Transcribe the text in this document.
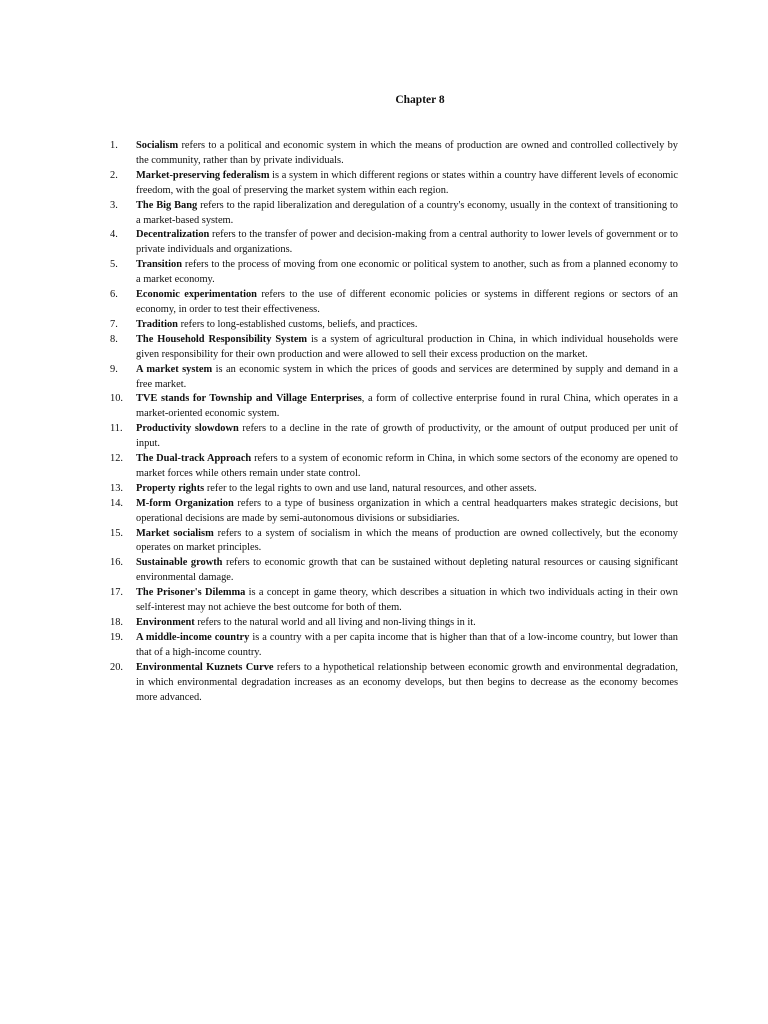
Chapter 8
1.	Socialism refers to a political and economic system in which the means of production are owned and controlled collectively by the community, rather than by private individuals.
2.	Market-preserving federalism is a system in which different regions or states within a country have different levels of economic freedom, with the goal of preserving the market system within each region.
3.	The Big Bang refers to the rapid liberalization and deregulation of a country's economy, usually in the context of transitioning to a market-based system.
4.	Decentralization refers to the transfer of power and decision-making from a central authority to lower levels of government or to private individuals and organizations.
5.	Transition refers to the process of moving from one economic or political system to another, such as from a planned economy to a market economy.
6.	Economic experimentation refers to the use of different economic policies or systems in different regions or sectors of an economy, in order to test their effectiveness.
7.	Tradition refers to long-established customs, beliefs, and practices.
8.	The Household Responsibility System is a system of agricultural production in China, in which individual households were given responsibility for their own production and were allowed to sell their excess production on the market.
9.	A market system is an economic system in which the prices of goods and services are determined by supply and demand in a free market.
10.	TVE stands for Township and Village Enterprises, a form of collective enterprise found in rural China, which operates in a market-oriented economic system.
11.	Productivity slowdown refers to a decline in the rate of growth of productivity, or the amount of output produced per unit of input.
12.	The Dual-track Approach refers to a system of economic reform in China, in which some sectors of the economy are opened to market forces while others remain under state control.
13.	Property rights refer to the legal rights to own and use land, natural resources, and other assets.
14.	M-form Organization refers to a type of business organization in which a central headquarters makes strategic decisions, but operational decisions are made by semi-autonomous divisions or subsidiaries.
15.	Market socialism refers to a system of socialism in which the means of production are owned collectively, but the economy operates on market principles.
16.	Sustainable growth refers to economic growth that can be sustained without depleting natural resources or causing significant environmental damage.
17.	The Prisoner's Dilemma is a concept in game theory, which describes a situation in which two individuals acting in their own self-interest may not achieve the best outcome for both of them.
18.	Environment refers to the natural world and all living and non-living things in it.
19.	A middle-income country is a country with a per capita income that is higher than that of a low-income country, but lower than that of a high-income country.
20.	Environmental Kuznets Curve refers to a hypothetical relationship between economic growth and environmental degradation, in which environmental degradation increases as an economy develops, but then begins to decrease as the economy becomes more advanced.
